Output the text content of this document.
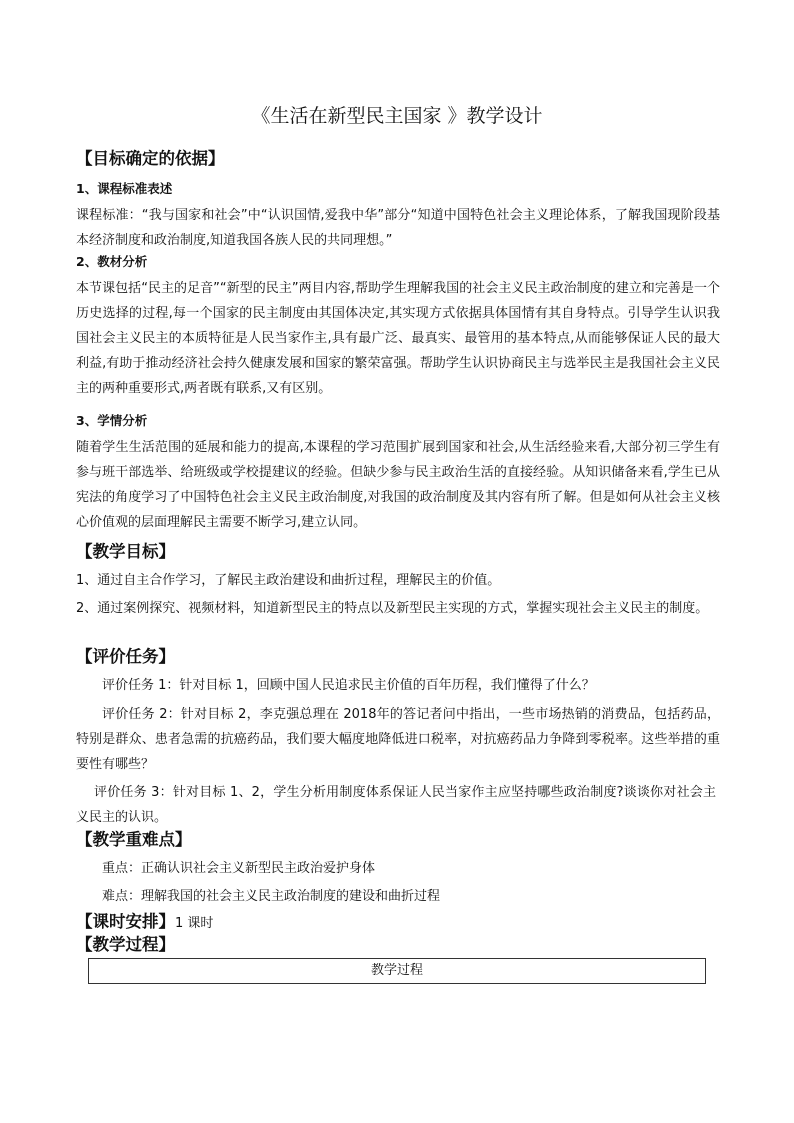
《生活在新型民主国家 》教学设计
【目标确定的依据】
1、课程标准表述
课程标准：“我与国家和社会”中“认识国情,爱我中华”部分“知道中国特色社会主义理论体系，了解我国现阶段基本经济制度和政治制度,知道我国各族人民的共同理想。”
2、教材分析
本节课包括“民主的足音”“新型的民主”两目内容,帮助学生理解我国的社会主义民主政治制度的建立和完善是一个历史选择的过程,每一个国家的民主制度由其国体决定,其实现方式依据具体国情有其自身特点。引导学生认识我国社会主义民主的本质特征是人民当家作主,具有最广泛、最真实、最管用的基本特点,从而能够保证人民的最大利益,有助于推动经济社会持久健康发展和国家的繁荣富强。帮助学生认识协商民主与选举民主是我国社会主义民主的两种重要形式,两者既有联系,又有区别。
3、学情分析
随着学生生活范围的延展和能力的提高,本课程的学习范围扩展到国家和社会,从生活经验来看,大部分初三学生有参与班干部选举、给班级或学校提建议的经验。但缺少参与民主政治生活的直接经验。从知识储备来看,学生已从宪法的角度学习了中国特色社会主义民主政治制度,对我国的政治制度及其内容有所了解。但是如何从社会主义核心价值观的层面理解民主需要不断学习,建立认同。
【教学目标】
1、通过自主合作学习，了解民主政治建设和曲折过程，理解民主的价值。
2、通过案例探究、视频材料，知道新型民主的特点以及新型民主实现的方式，掌握实现社会主义民主的制度。
【评价任务】
评价任务 1：针对目标 1，回顾中国人民追求民主价值的百年历程，我们懂得了什么？
评价任务 2：针对目标 2，李克强总理在 2018年的答记者问中指出，一些市场热销的消费品，包括药品，特别是群众、患者急需的抗癌药品，我们要大幅度地降低进口税率，对抗癌药品力争降到零税率。这些举措的重要性有哪些？
评价任务 3：针对目标 1、2，学生分析用制度体系保证人民当家作主应坚持哪些政治制度?谈谈你对社会主义民主的认识。
【教学重难点】
重点：正确认识社会主义新型民主政治爱护身体
难点：理解我国的社会主义民主政治制度的建设和曲折过程
【课时安排】1 课时
【教学过程】
教学过程
